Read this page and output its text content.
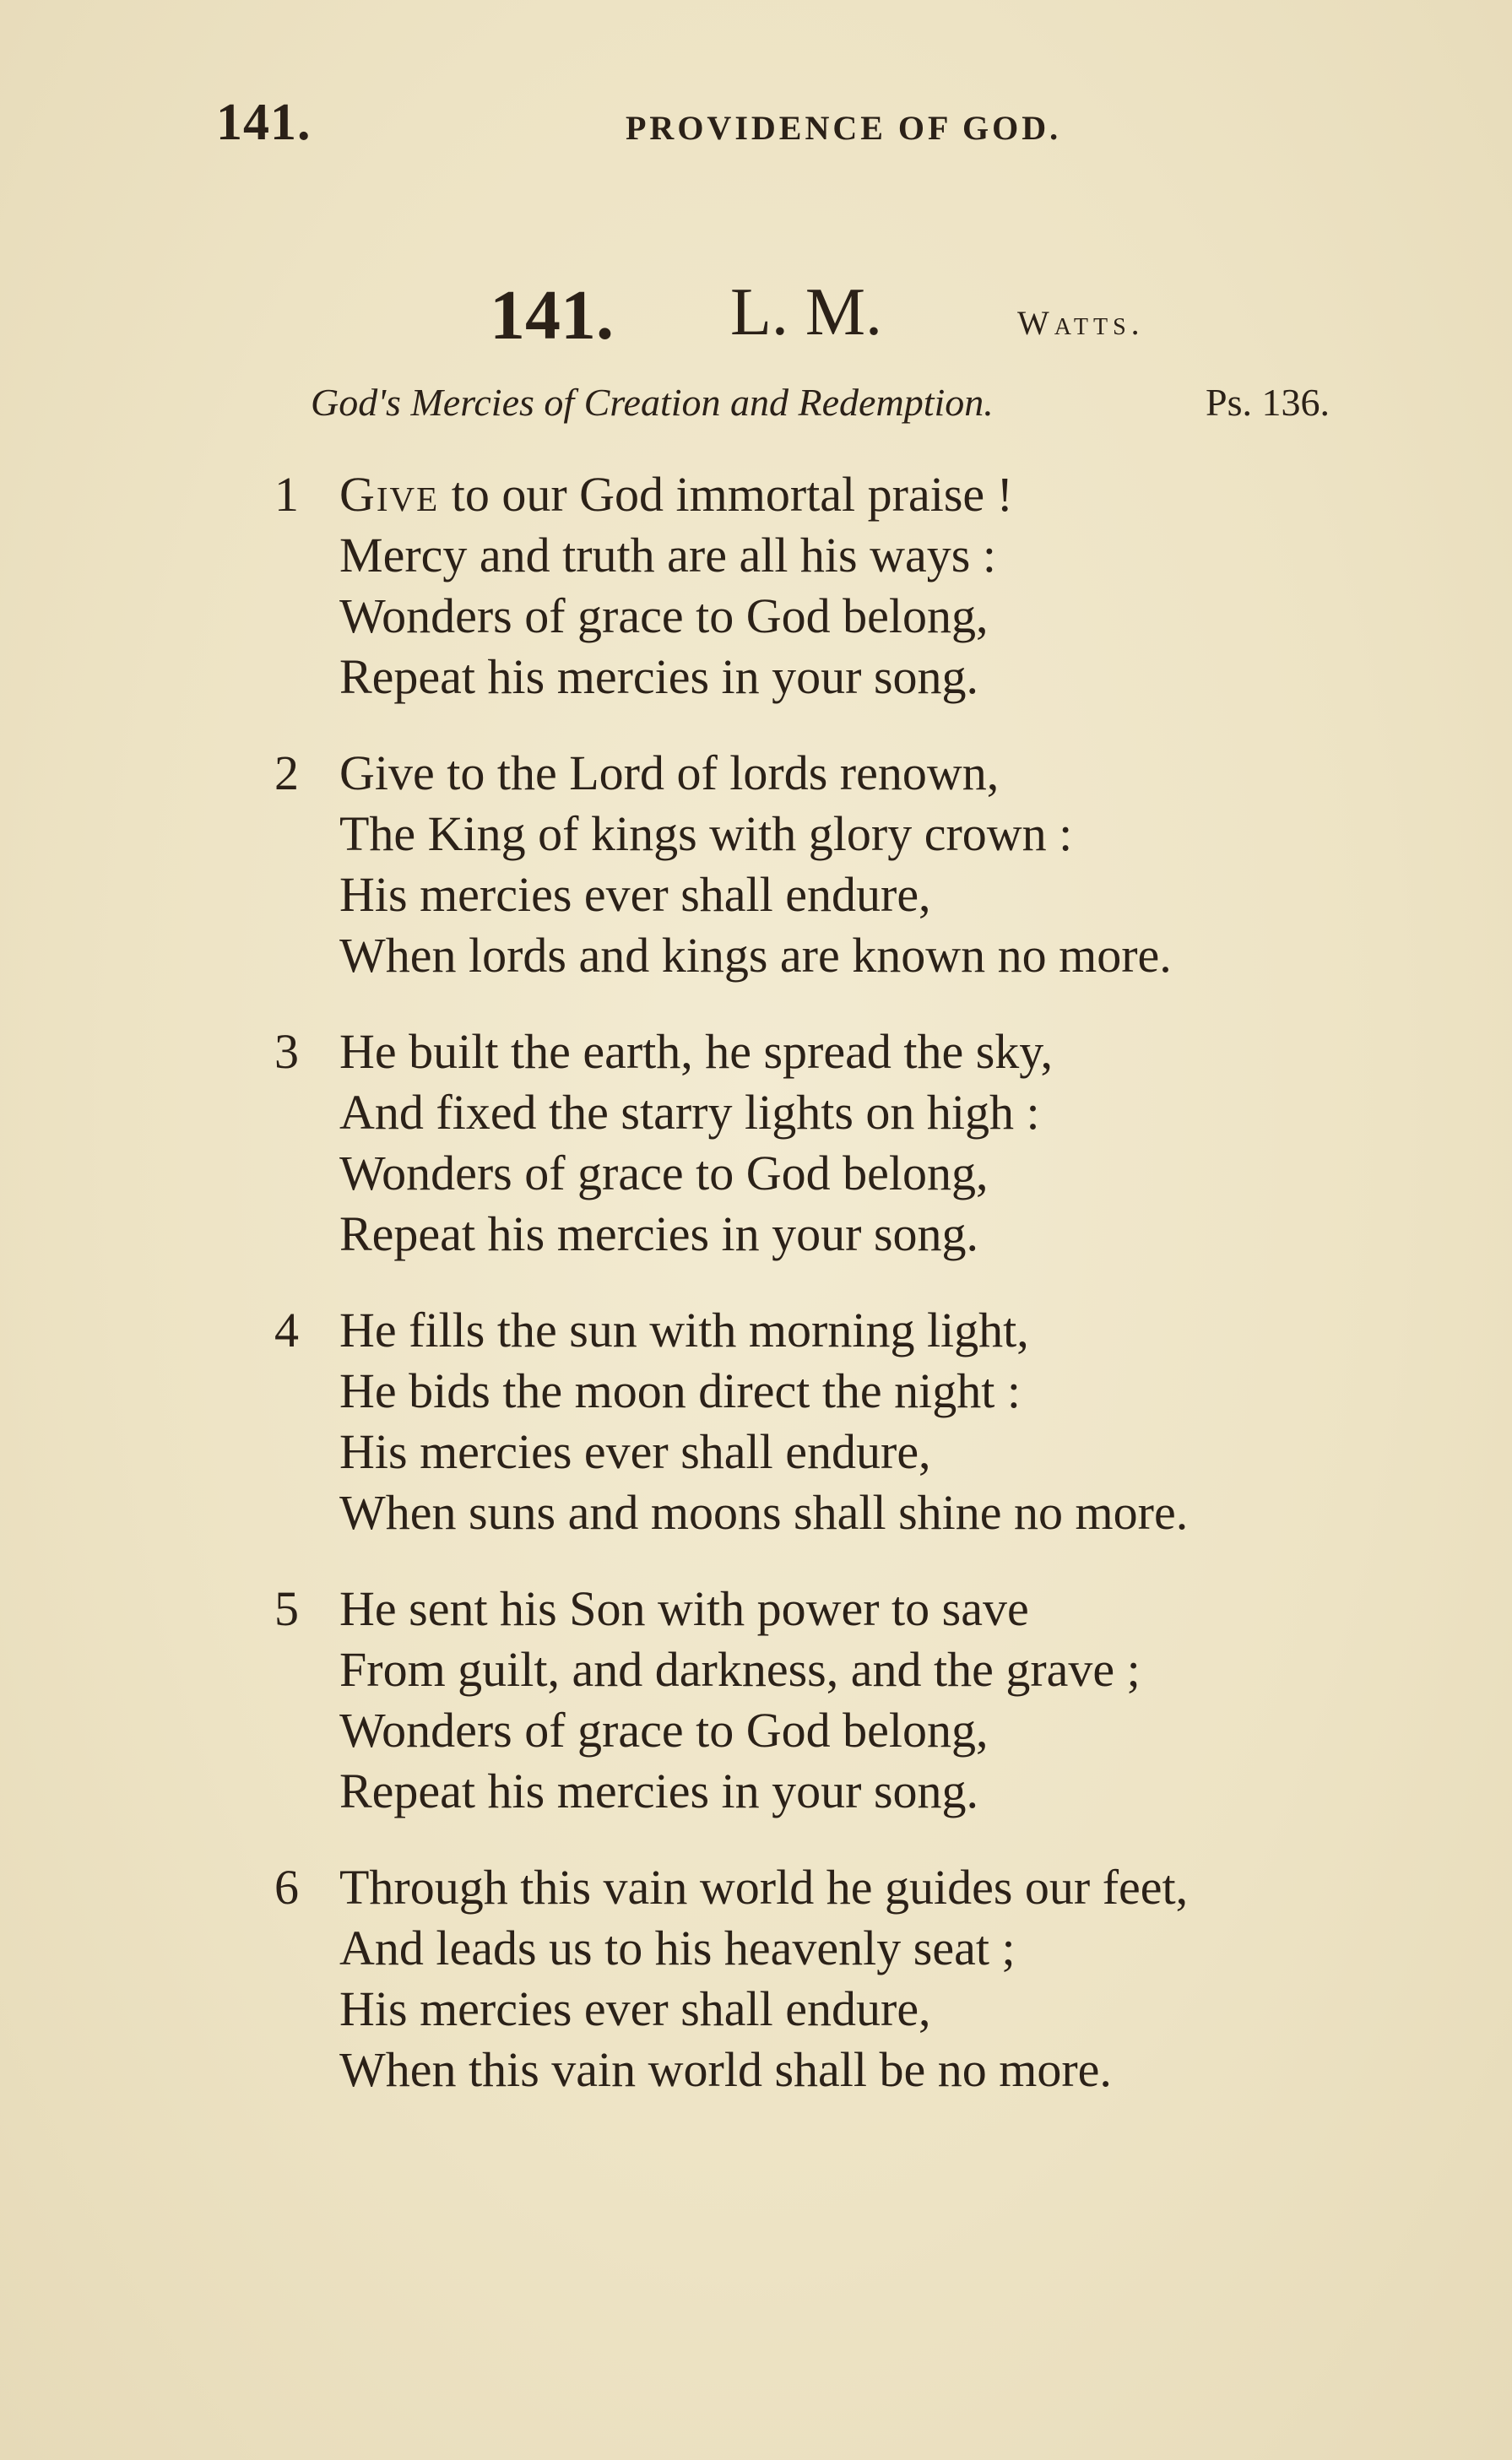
141.	PROVIDENCE OF GOD.
141. L. M.	Watts.
God's Mercies of Creation and Redemption.	Ps. 136.
1 Give to our God immortal praise !
Mercy and truth are all his ways :
Wonders of grace to God belong,
Repeat his mercies in your song.
2 Give to the Lord of lords renown,
The King of kings with glory crown :
His mercies ever shall endure,
When lords and kings are known no more.
3 He built the earth, he spread the sky,
And fixed the starry lights on high :
Wonders of grace to God belong,
Repeat his mercies in your song.
4 He fills the sun with morning light,
He bids the moon direct the night :
His mercies ever shall endure,
When suns and moons shall shine no more.
5 He sent his Son with power to save
From guilt, and darkness, and the grave ;
Wonders of grace to God belong,
Repeat his mercies in your song.
6 Through this vain world he guides our feet,
And leads us to his heavenly seat ;
His mercies ever shall endure,
When this vain world shall be no more.
